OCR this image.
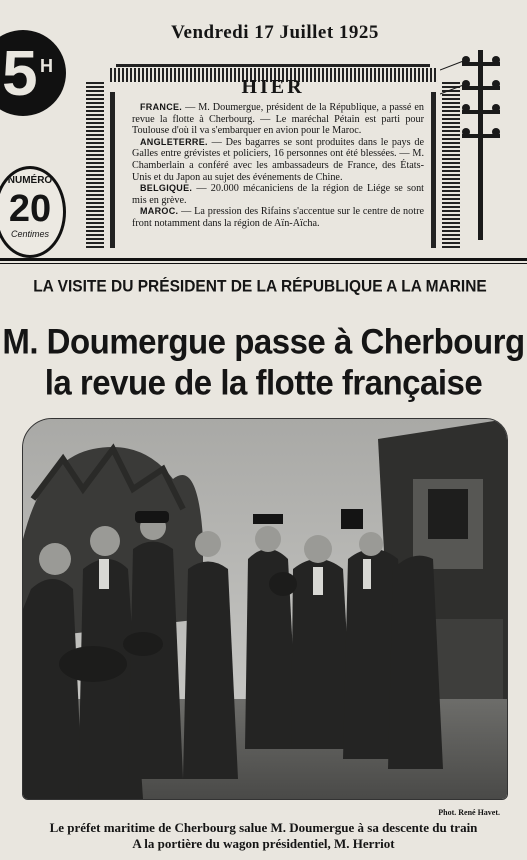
Vendredi 17 Juillet 1925
5 H
NUMÉRO
20
Centimes
HIER

FRANCE. — M. Doumergue, président de la République, a passé en revue la flotte à Cherbourg. — Le maréchal Pétain est parti pour Toulouse d'où il va s'embarquer en avion pour le Maroc.

ANGLETERRE. — Des bagarres se sont produites dans le pays de Galles entre grévistes et policiers, 16 personnes ont été blessées. — M. Chamberlain a conféré avec les ambassadeurs de France, des États-Unis et du Japon au sujet des événements de Chine.

BELGIQUE. — 20.000 mécaniciens de la région de Liége se sont mis en grève.

MAROC. — La pression des Rifains s'accentue sur le centre de notre front notamment dans la région de Aïn-Aïcha.

LA VISITE DU PRÉSIDENT DE LA RÉPUBLIQUE A LA MARINE
M. Doumergue passe à Cherbourg
la revue de la flotte française
Phot. René Havet.
Le préfet maritime de Cherbourg salue M. Doumergue à sa descente du train
A la portière du wagon présidentiel, M. Herriot
